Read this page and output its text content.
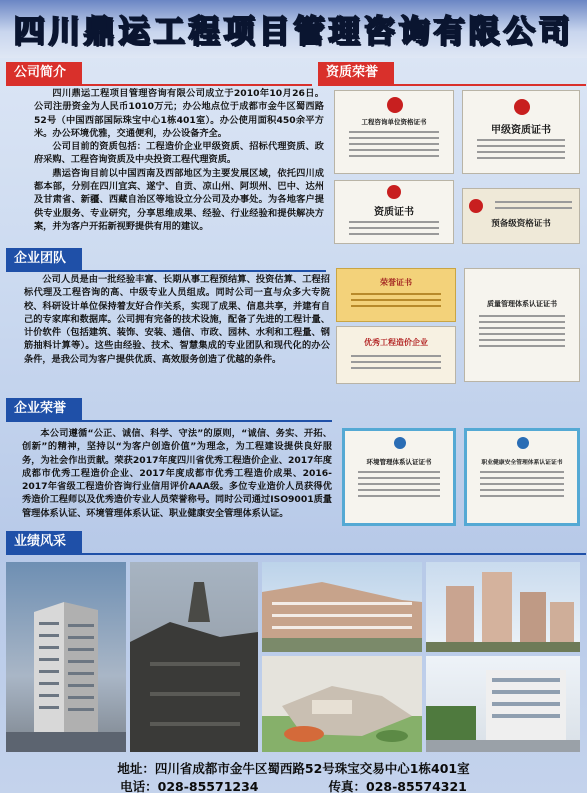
四川鼎运工程项目管理咨询有限公司
公司简介

四川鼎运工程项目管理咨询有限公司成立于2010年10月26日。公司注册资金为人民币1010万元；办公地点位于成都市金牛区蜀西路52号（中国西部国际珠宝中心1栋401室）。办公使用面积450余平方米。办公环境优雅，交通便利，办公设备齐全。

公司目前的资质包括：工程造价企业甲级资质、招标代理资质、政府采购、工程咨询资质及中央投资工程代理资质。

鼎运咨询目前以中国西南及西部地区为主要发展区域，依托四川成都本部，分别在四川宜宾、遂宁、自贡、凉山州、阿坝州、巴中、达州及甘肃省、新疆、西藏自治区等地设立分公司及办事处。为各地客户提供专业服务、专业研究，分享思维成果、经验、行业经验和提供解决方案，并为客户开拓新视野提供有用的建议。

资质荣誉
工程咨询单位资格证书
甲级资质证书
资质证书
预备级资格证书
企业团队

公司人员是由一批经验丰富、长期从事工程预结算、投资估算、工程招标代理及工程咨询的高、中级专业人员组成。同时公司一直与众多大专院校、科研设计单位保持着友好合作关系，实现了成果、信息共享，并建有自己的专家库和数据库。公司拥有完备的技术设施，配备了先进的工程计量、计价软件（包括建筑、装饰、安装、通信、市政、园林、水利和工程量、钢筋抽料计算等）。这些由经验、技术、智慧集成的专业团队和现代化的办公条件，是我公司为客户提供优质、高效服务创造了优越的条件。

荣誉证书
质量管理体系认证证书
优秀工程造价企业
企业荣誉

本公司遵循“公正、诚信、科学、守法”的原则，“诚信、务实、开拓、创新”的精神，坚持以“为客户创造价值”为理念，为工程建设提供良好服务，为社会作出贡献。荣获2017年度四川省优秀工程造价企业、2017年度成都市优秀工程造价企业、2017年度成都市优秀工程造价成果、2016-2017年省级工程造价咨询行业信用评价AAA级。多位专业造价人员获得优秀造价工程师以及优秀造价专业人员荣誉称号。同时公司通过ISO9001质量管理体系认证、环境管理体系认证、职业健康安全管理体系认证。

环境管理体系认证证书	职业健康安全管理体系认证证书
业绩风采
地址：四川省成都市金牛区蜀西路52号珠宝交易中心1栋401室
电话：028-85571234	传真：028-85574321
